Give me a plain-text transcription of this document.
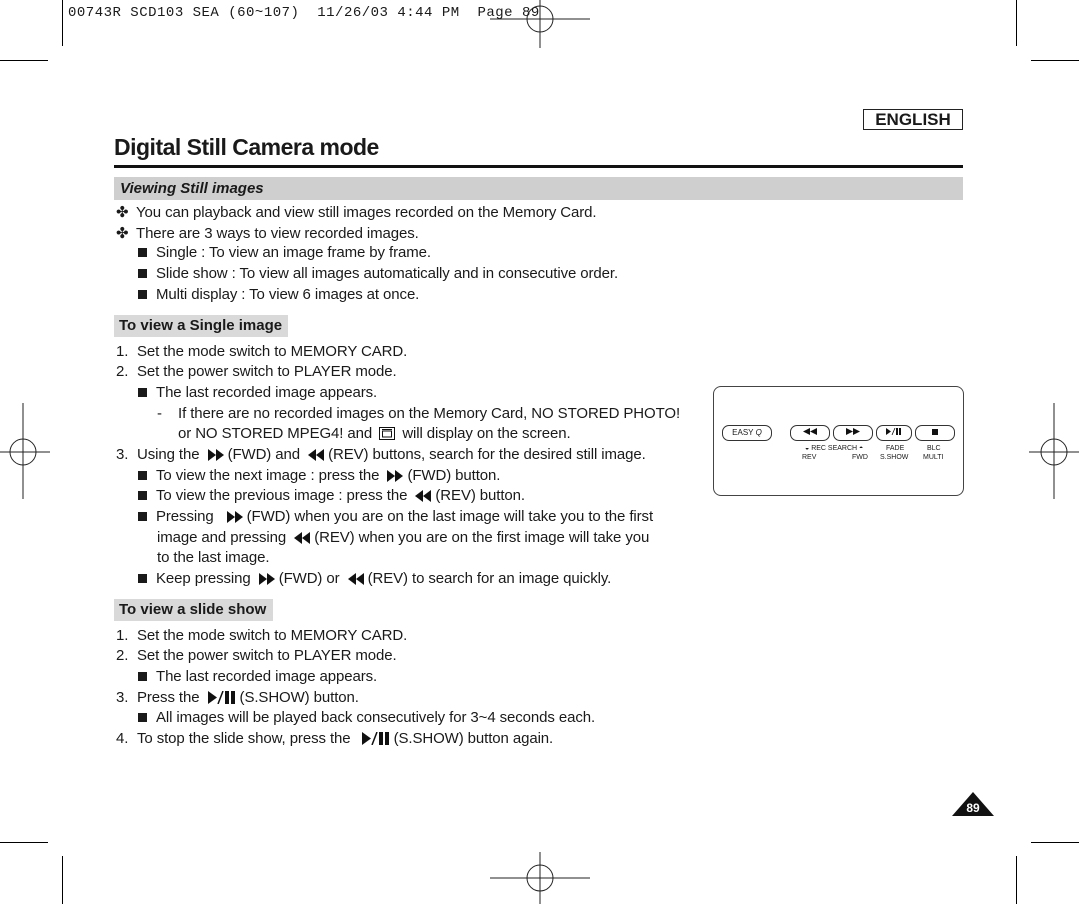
00743R SCD103 SEA (60~107)  11/26/03 4:44 PM  Page 89
ENGLISH
Digital Still Camera mode
Viewing Still images
✤ You can playback and view still images recorded on the Memory Card.
✤ There are 3 ways to view recorded images.
Single : To view an image frame by frame.
Slide show : To view all images automatically and in consecutive order.
Multi display : To view 6 images at once.
To view a Single image
1. Set the mode switch to MEMORY CARD.
2. Set the power switch to PLAYER mode.
The last recorded image appears.
- If there are no recorded images on the Memory Card, NO STORED PHOTO!
or NO STORED MPEG4! and will display on the screen.
3. Using the (FWD) and (REV) buttons, search for the desired still image.
To view the next image : press the (FWD) button.
To view the previous image : press the (REV) button.
Pressing (FWD) when you are on the last image will take you to the first
image and pressing (REV) when you are on the first image will take you
to the last image.
Keep pressing (FWD) or (REV) to search for an image quickly.
To view a slide show
1. Set the mode switch to MEMORY CARD.
2. Set the power switch to PLAYER mode.
The last recorded image appears.
3. Press the	(S.SHOW) button.
All images will be played back consecutively for 3~4 seconds each.
4. To stop the slide show, press the	(S.SHOW) button again.
EASY Q
◒ REC SEARCH ◓
REV	FWD
FADE
S.SHOW
BLC
MULTI
89
